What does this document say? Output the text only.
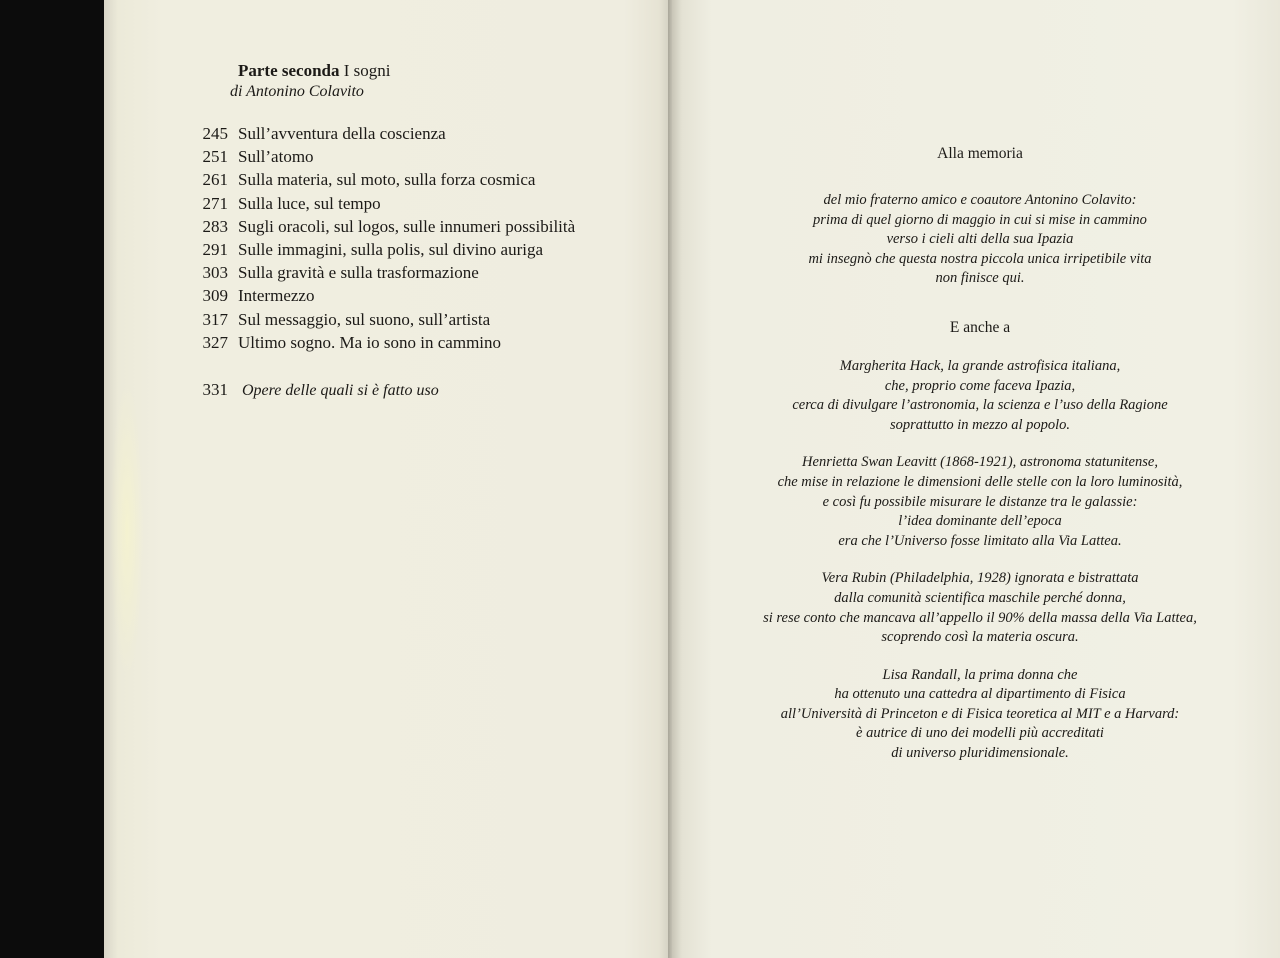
Parte seconda I sogni
di Antonino Colavito
245 Sull’avventura della coscienza
251 Sull’atomo
261 Sulla materia, sul moto, sulla forza cosmica
271 Sulla luce, sul tempo
283 Sugli oracoli, sul logos, sulle innumeri possibilità
291 Sulle immagini, sulla polis, sul divino auriga
303 Sulla gravità e sulla trasformazione
309 Intermezzo
317 Sul messaggio, sul suono, sull’artista
327 Ultimo sogno. Ma io sono in cammino
331 Opere delle quali si è fatto uso
Alla memoria
del mio fraterno amico e coautore Antonino Colavito:
prima di quel giorno di maggio in cui si mise in cammino
verso i cieli alti della sua Ipazia
mi insegnò che questa nostra piccola unica irripetibile vita
non finisce qui.
E anche a
Margherita Hack, la grande astrofisica italiana,
che, proprio come faceva Ipazia,
cerca di divulgare l’astronomia, la scienza e l’uso della Ragione
soprattutto in mezzo al popolo.
Henrietta Swan Leavitt (1868-1921), astronoma statunitense,
che mise in relazione le dimensioni delle stelle con la loro luminosità,
e così fu possibile misurare le distanze tra le galassie:
l’idea dominante dell’epoca
era che l’Universo fosse limitato alla Via Lattea.
Vera Rubin (Philadelphia, 1928) ignorata e bistrattata
dalla comunità scientifica maschile perché donna,
si rese conto che mancava all’appello il 90% della massa della Via Lattea,
scoprendo così la materia oscura.
Lisa Randall, la prima donna che
ha ottenuto una cattedra al dipartimento di Fisica
all’Università di Princeton e di Fisica teoretica al MIT e a Harvard:
è autrice di uno dei modelli più accreditati
di universo pluridimensionale.
